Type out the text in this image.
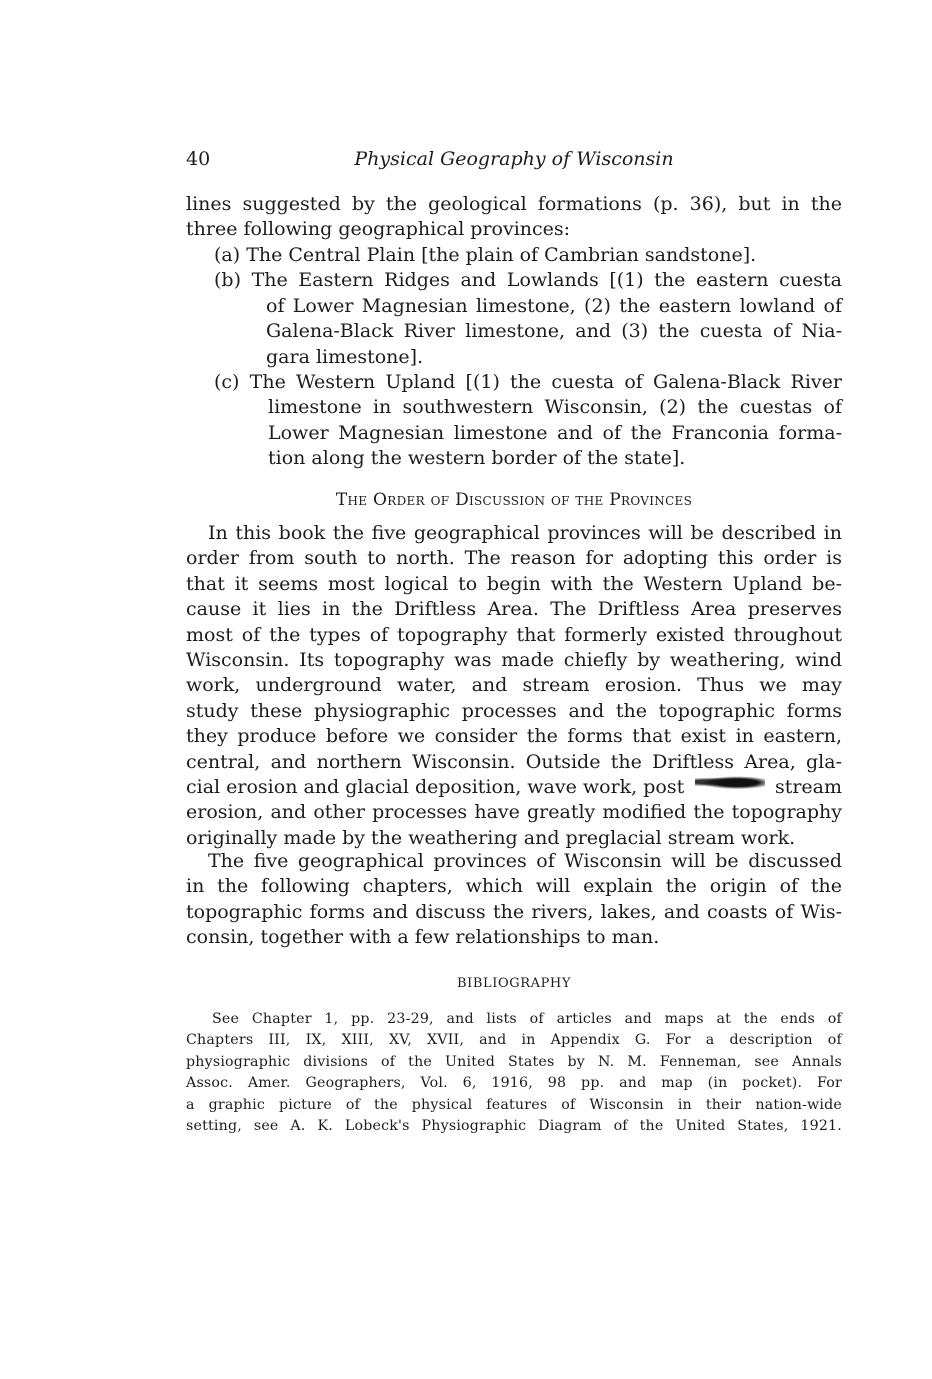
40	Physical Geography of Wisconsin
lines suggested by the geological formations (p. 36), but in the
three following geographical provinces:
(a) The Central Plain [the plain of Cambrian sandstone].
(b) The Eastern Ridges and Lowlands [(1) the eastern cuesta
of Lower Magnesian limestone, (2) the eastern lowland of
Galena-Black River limestone, and (3) the cuesta of Nia-
gara limestone].
(c) The Western Upland [(1) the cuesta of Galena-Black River
limestone in southwestern Wisconsin, (2) the cuestas of
Lower Magnesian limestone and of the Franconia forma-
tion along the western border of the state].
The Order of Discussion of the Provinces
In this book the five geographical provinces will be described in
order from south to north. The reason for adopting this order is
that it seems most logical to begin with the Western Upland be-
cause it lies in the Driftless Area. The Driftless Area preserves
most of the types of topography that formerly existed throughout
Wisconsin. Its topography was made chiefly by weathering, wind
work, underground water, and stream erosion. Thus we may
study these physiographic processes and the topographic forms
they produce before we consider the forms that exist in eastern,
central, and northern Wisconsin. Outside the Driftless Area, gla-
cial erosion and glacial deposition, wave work, post	stream
erosion, and other processes have greatly modified the topography
originally made by the weathering and preglacial stream work.
The five geographical provinces of Wisconsin will be discussed
in the following chapters, which will explain the origin of the
topographic forms and discuss the rivers, lakes, and coasts of Wis-
consin, together with a few relationships to man.
BIBLIOGRAPHY
See Chapter 1, pp. 23-29, and lists of articles and maps at the ends of
Chapters III, IX, XIII, XV, XVII, and in Appendix G. For a description of
physiographic divisions of the United States by N. M. Fenneman, see Annals
Assoc. Amer. Geographers, Vol. 6, 1916, 98 pp. and map (in pocket). For
a graphic picture of the physical features of Wisconsin in their nation-wide
setting, see A. K. Lobeck's Physiographic Diagram of the United States, 1921.
